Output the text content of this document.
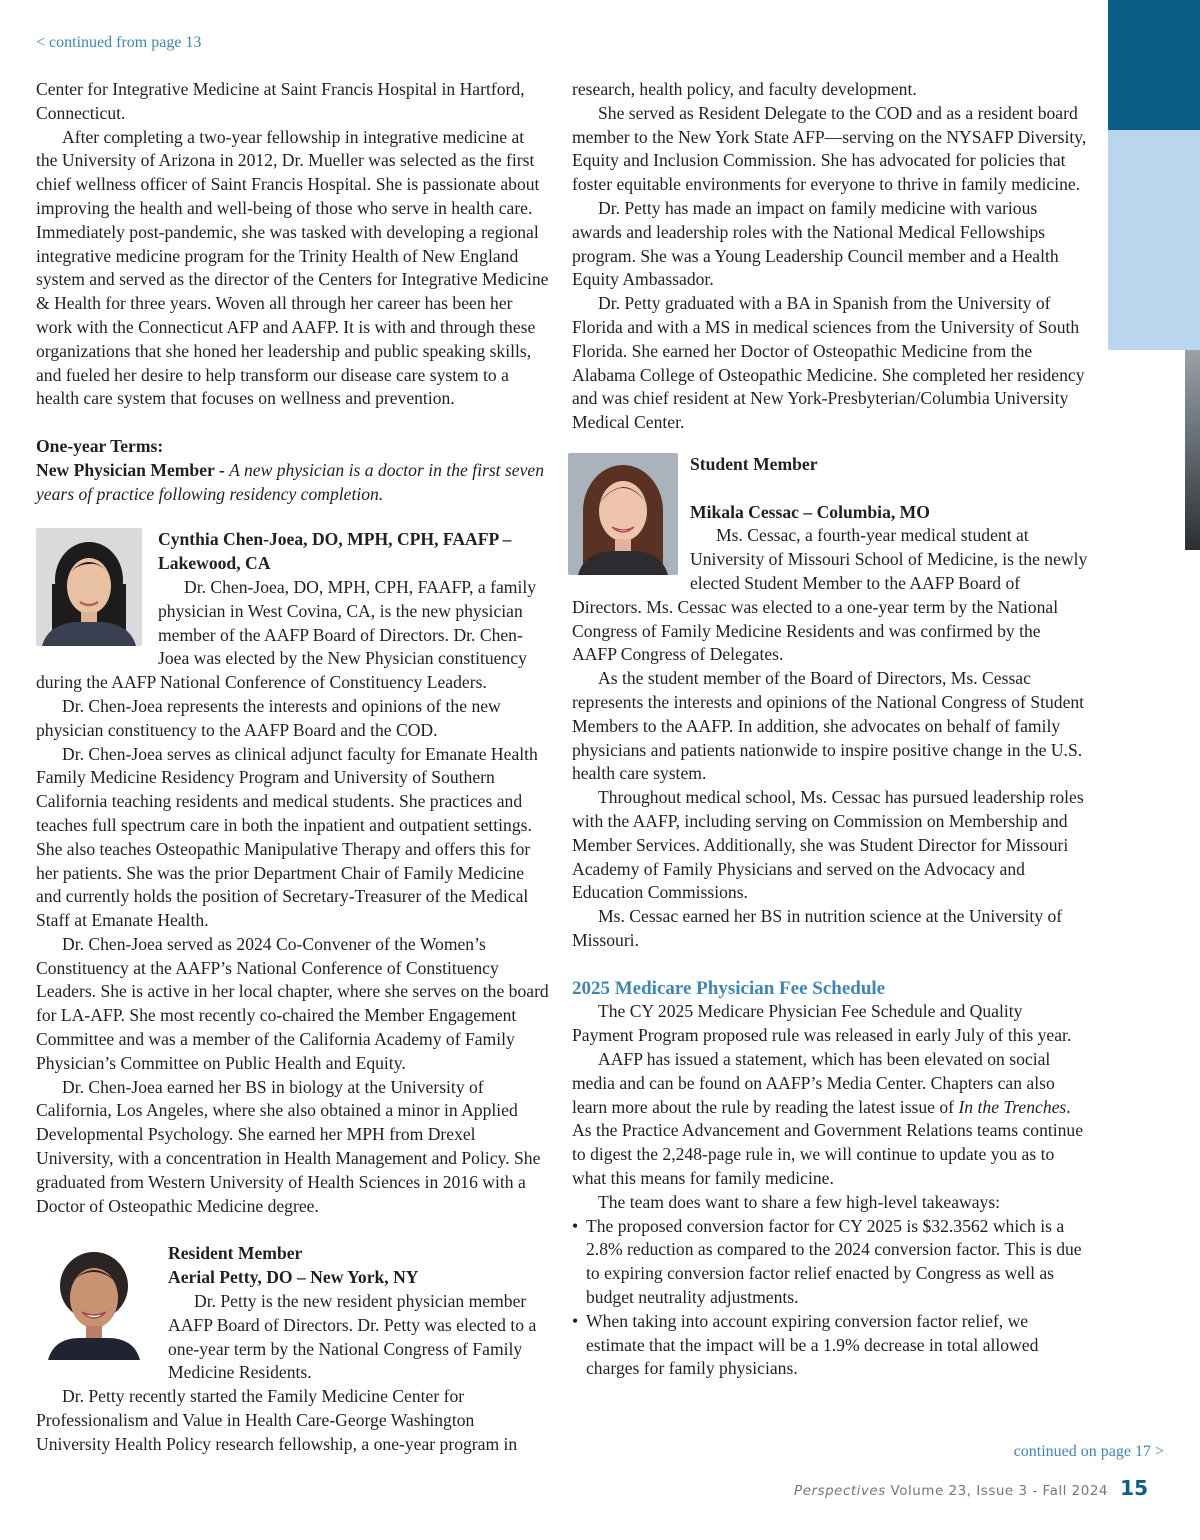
< continued from page 13

Center for Integrative Medicine at Saint Francis Hospital in Hartford, Connecticut.

After completing a two-year fellowship in integrative medicine at the University of Arizona in 2012, Dr. Mueller was selected as the first chief wellness officer of Saint Francis Hospital. She is passionate about improving the health and well-being of those who serve in health care. Immediately post-pandemic, she was tasked with developing a regional integrative medicine program for the Trinity Health of New England system and served as the director of the Centers for Integrative Medicine & Health for three years. Woven all through her career has been her work with the Connecticut AFP and AAFP. It is with and through these organizations that she honed her leadership and public speaking skills, and fueled her desire to help transform our disease care system to a health care system that focuses on wellness and prevention.

One-year Terms:

New Physician Member - A new physician is a doctor in the first seven years of practice following residency completion.

Cynthia Chen-Joea, DO, MPH, CPH, FAAFP – Lakewood, CA

Dr. Chen-Joea, DO, MPH, CPH, FAAFP, a family physician in West Covina, CA, is the new physician member of the AAFP Board of Directors. Dr. Chen-Joea was elected by the New Physician constituency during the AAFP National Conference of Constituency Leaders.

Dr. Chen-Joea represents the interests and opinions of the new physician constituency to the AAFP Board and the COD.

Dr. Chen-Joea serves as clinical adjunct faculty for Emanate Health Family Medicine Residency Program and University of Southern California teaching residents and medical students. She practices and teaches full spectrum care in both the inpatient and outpatient settings. She also teaches Osteopathic Manipulative Therapy and offers this for her patients. She was the prior Department Chair of Family Medicine and currently holds the position of Secretary-Treasurer of the Medical Staff at Emanate Health.

Dr. Chen-Joea served as 2024 Co-Convener of the Women’s Constituency at the AAFP’s National Conference of Constituency Leaders. She is active in her local chapter, where she serves on the board for LA-AFP. She most recently co-chaired the Member Engagement Committee and was a member of the California Academy of Family Physician’s Committee on Public Health and Equity.

Dr. Chen-Joea earned her BS in biology at the University of California, Los Angeles, where she also obtained a minor in Applied Developmental Psychology. She earned her MPH from Drexel University, with a concentration in Health Management and Policy. She graduated from Western University of Health Sciences in 2016 with a Doctor of Osteopathic Medicine degree.

Resident Member

Aerial Petty, DO – New York, NY

Dr. Petty is the new resident physician member AAFP Board of Directors. Dr. Petty was elected to a one-year term by the National Congress of Family Medicine Residents.

Dr. Petty recently started the Family Medicine Center for Professionalism and Value in Health Care-George Washington University Health Policy research fellowship, a one-year program in

research, health policy, and faculty development.

She served as Resident Delegate to the COD and as a resident board member to the New York State AFP—serving on the NYSAFP Diversity, Equity and Inclusion Commission. She has advocated for policies that foster equitable environments for everyone to thrive in family medicine.

Dr. Petty has made an impact on family medicine with various awards and leadership roles with the National Medical Fellowships program. She was a Young Leadership Council member and a Health Equity Ambassador.

Dr. Petty graduated with a BA in Spanish from the University of Florida and with a MS in medical sciences from the University of South Florida. She earned her Doctor of Osteopathic Medicine from the Alabama College of Osteopathic Medicine. She completed her residency and was chief resident at New York-Presbyterian/Columbia University Medical Center.

Student Member

Mikala Cessac – Columbia, MO

Ms. Cessac, a fourth-year medical student at University of Missouri School of Medicine, is the newly elected Student Member to the AAFP Board of Directors. Ms. Cessac was elected to a one-year term by the National Congress of Family Medicine Residents and was confirmed by the AAFP Congress of Delegates.

As the student member of the Board of Directors, Ms. Cessac represents the interests and opinions of the National Congress of Student Members to the AAFP. In addition, she advocates on behalf of family physicians and patients nationwide to inspire positive change in the U.S. health care system.

Throughout medical school, Ms. Cessac has pursued leadership roles with the AAFP, including serving on Commission on Membership and Member Services. Additionally, she was Student Director for Missouri Academy of Family Physicians and served on the Advocacy and Education Commissions.

Ms. Cessac earned her BS in nutrition science at the University of Missouri.

2025 Medicare Physician Fee Schedule

The CY 2025 Medicare Physician Fee Schedule and Quality Payment Program proposed rule was released in early July of this year.

AAFP has issued a statement, which has been elevated on social media and can be found on AAFP’s Media Center. Chapters can also learn more about the rule by reading the latest issue of In the Trenches. As the Practice Advancement and Government Relations teams continue to digest the 2,248-page rule in, we will continue to update you as to what this means for family medicine.

The team does want to share a few high-level takeaways:

• The proposed conversion factor for CY 2025 is $32.3562 which is a 2.8% reduction as compared to the 2024 conversion factor. This is due to expiring conversion factor relief enacted by Congress as well as budget neutrality adjustments.
• When taking into account expiring conversion factor relief, we estimate that the impact will be a 1.9% decrease in total allowed charges for family physicians.
continued on page 17 >
Perspectives Volume 23, Issue 3 - Fall 2024 15
